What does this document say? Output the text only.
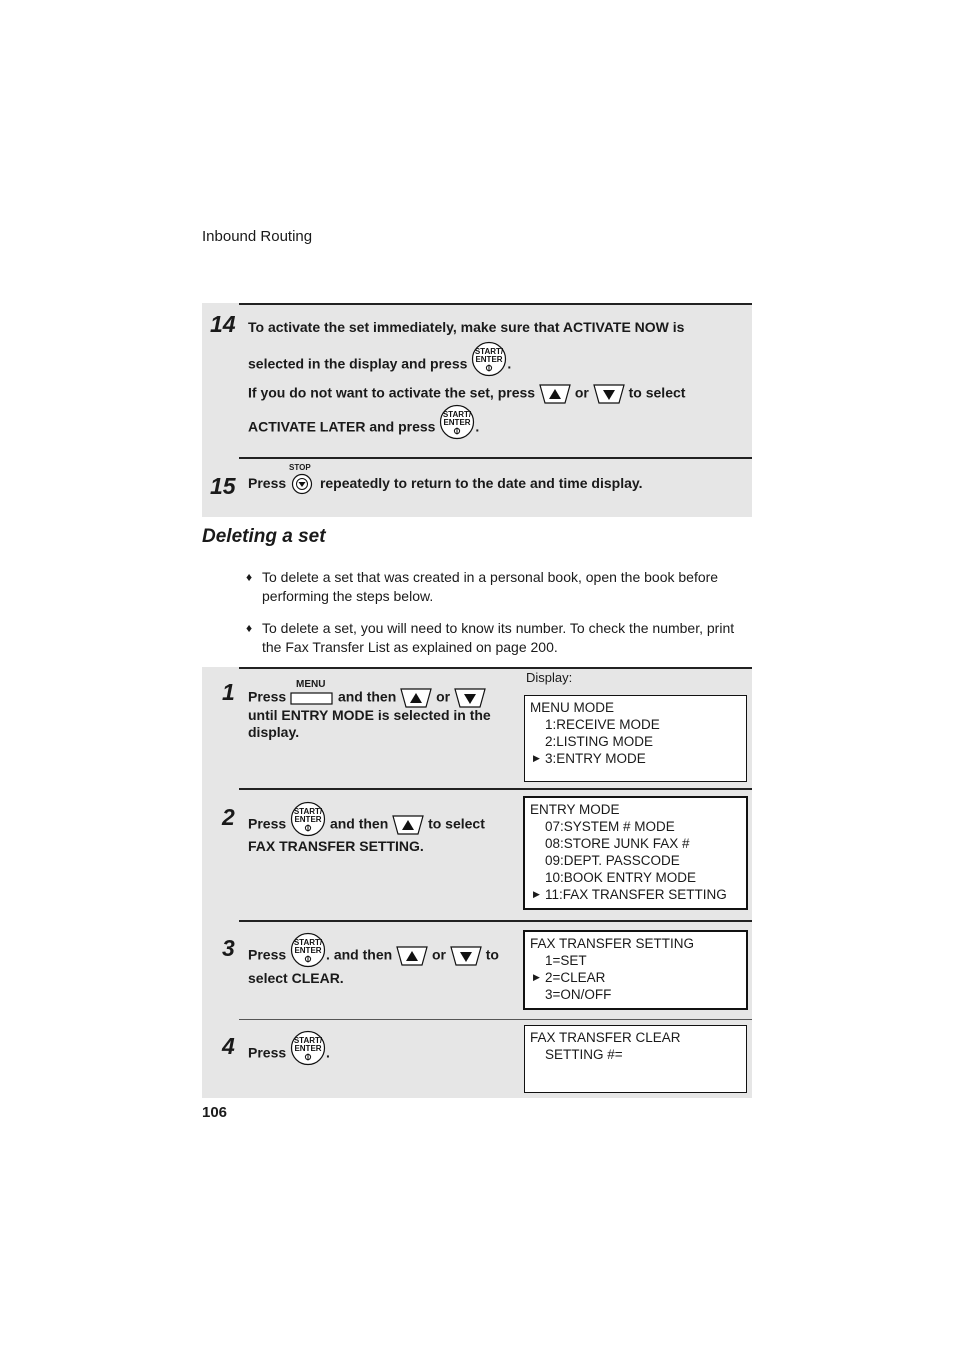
Inbound Routing
14 To activate the set immediately, make sure that ACTIVATE NOW is
selected in the display and press	.
If you do not want to activate the set, press	or	to select
ACTIVATE LATER and press	.
15 Press
STOP
repeatedly to return to the date and time display.
Deleting a set
♦ To delete a set that was created in a personal book, open the book before performing the steps below.
♦ To delete a set, you will need to know its number. To check the number, print the Fax Transfer List as explained on page 200.
1 Press
MENU
and then	or
until ENTRY MODE is selected in the
display.
Display:
MENU MODE
1:RECEIVE MODE
2:LISTING MODE
▶ 3:ENTRY MODE
2 Press	and then	to select
FAX TRANSFER SETTING.
ENTRY MODE
07:SYSTEM # MODE
08:STORE JUNK FAX #
09:DEPT. PASSCODE
10:BOOK ENTRY MODE
▶ 11:FAX TRANSFER SETTING
3 Press	. and then	or	to
select CLEAR.
FAX TRANSFER SETTING
1=SET
▶ 2=CLEAR
3=ON/OFF
4 Press	.
FAX TRANSFER CLEAR
SETTING #=
106
